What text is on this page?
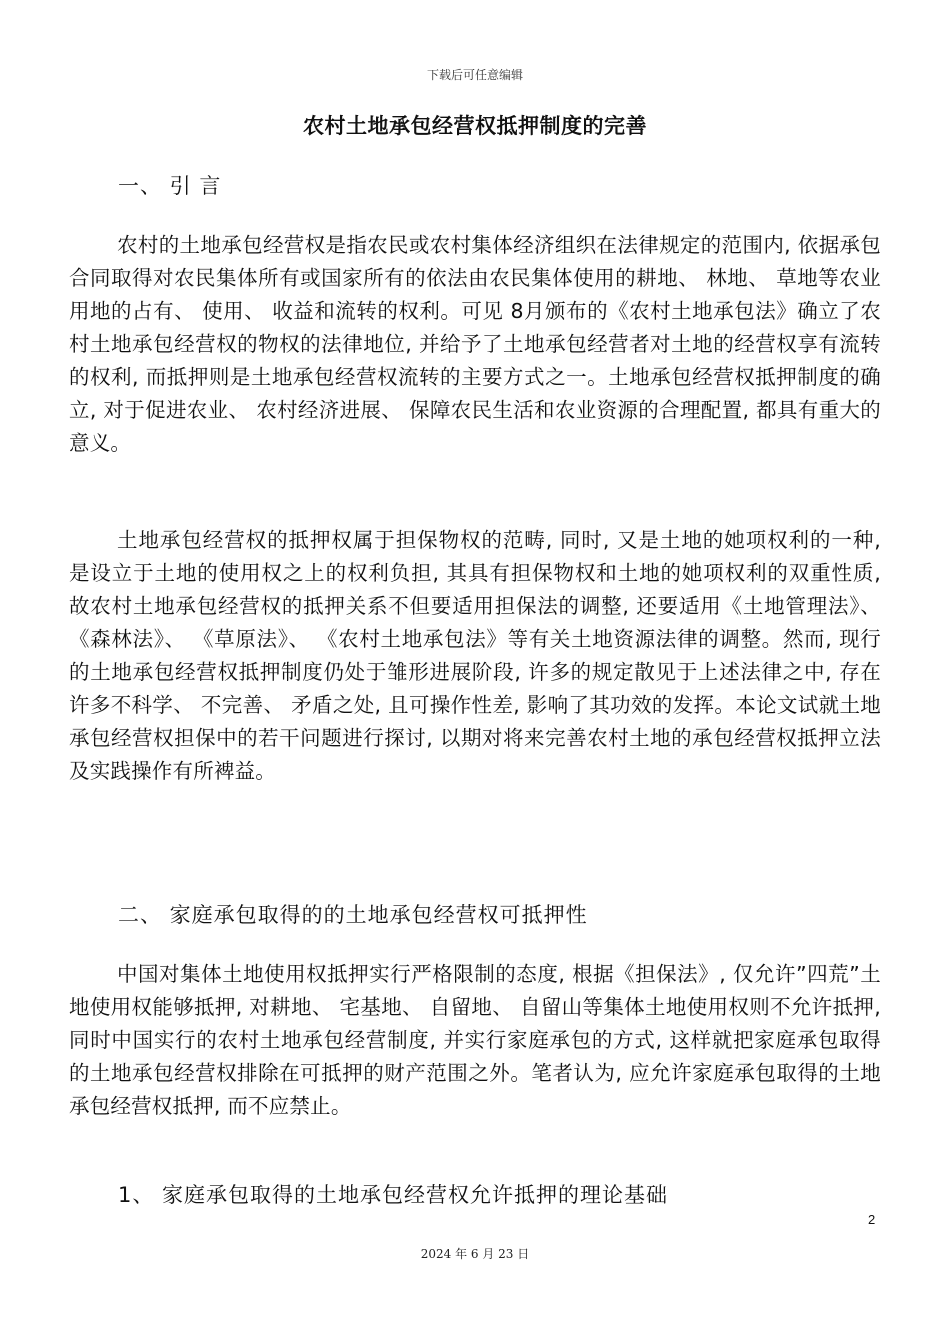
下载后可任意编辑
农村土地承包经营权抵押制度的完善
一、 引 言
农村的土地承包经营权是指农民或农村集体经济组织在法律规定的范围内, 依据承包合同取得对农民集体所有或国家所有的依法由农民集体使用的耕地、 林地、 草地等农业用地的占有、 使用、 收益和流转的权利。可见 8月颁布的《农村土地承包法》确立了农村土地承包经营权的物权的法律地位, 并给予了土地承包经营者对土地的经营权享有流转的权利, 而抵押则是土地承包经营权流转的主要方式之一。土地承包经营权抵押制度的确立, 对于促进农业、 农村经济进展、 保障农民生活和农业资源的合理配置, 都具有重大的意义。
土地承包经营权的抵押权属于担保物权的范畴, 同时, 又是土地的她项权利的一种, 是设立于土地的使用权之上的权利负担, 其具有担保物权和土地的她项权利的双重性质, 故农村土地承包经营权的抵押关系不但要适用担保法的调整, 还要适用《土地管理法》、 《森林法》、 《草原法》、 《农村土地承包法》等有关土地资源法律的调整。然而, 现行的土地承包经营权抵押制度仍处于雏形进展阶段, 许多的规定散见于上述法律之中, 存在许多不科学、 不完善、 矛盾之处, 且可操作性差, 影响了其功效的发挥。本论文试就土地承包经营权担保中的若干问题进行探讨, 以期对将来完善农村土地的承包经营权抵押立法及实践操作有所裨益。
二、 家庭承包取得的的土地承包经营权可抵押性
中国对集体土地使用权抵押实行严格限制的态度, 根据《担保法》, 仅允许”四荒”土地使用权能够抵押, 对耕地、 宅基地、 自留地、 自留山等集体土地使用权则不允许抵押, 同时中国实行的农村土地承包经营制度, 并实行家庭承包的方式, 这样就把家庭承包取得的土地承包经营权排除在可抵押的财产范围之外。笔者认为, 应允许家庭承包取得的土地承包经营权抵押, 而不应禁止。
1、 家庭承包取得的土地承包经营权允许抵押的理论基础
2
2024 年 6 月 23 日
